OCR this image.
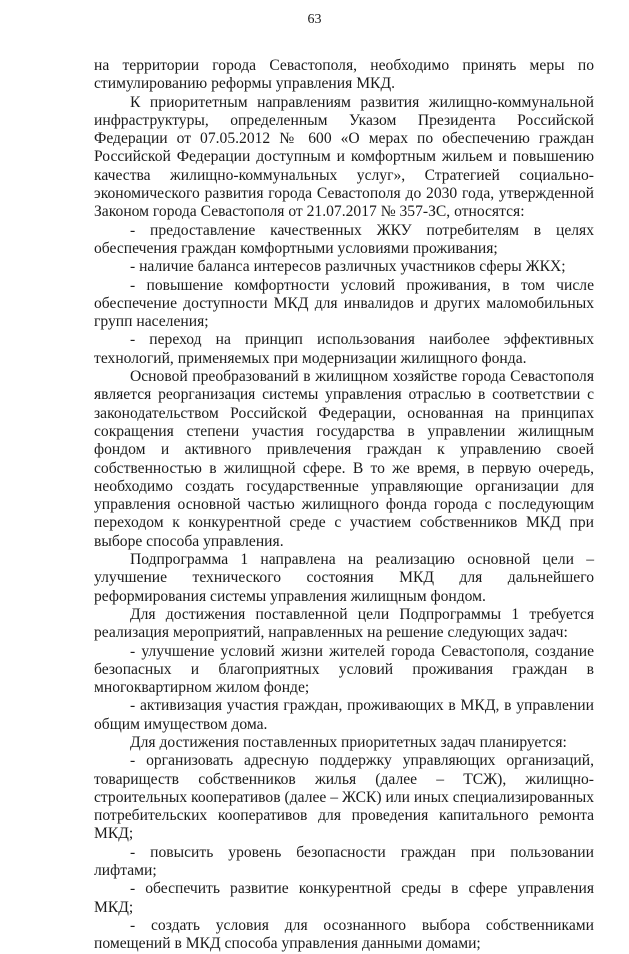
63

на территории города Севастополя, необходимо принять меры по стимулированию реформы управления МКД.

К приоритетным направлениям развития жилищно-коммунальной инфраструктуры, определенным Указом Президента Российской Федерации от 07.05.2012 № 600 «О мерах по обеспечению граждан Российской Федерации доступным и комфортным жильем и повышению качества жилищно-коммунальных услуг», Стратегией социально-экономического развития города Севастополя до 2030 года, утвержденной Законом города Севастополя от 21.07.2017 № 357-ЗС, относятся:

- предоставление качественных ЖКУ потребителям в целях обеспечения граждан комфортными условиями проживания;

- наличие баланса интересов различных участников сферы ЖКХ;

- повышение комфортности условий проживания, в том числе обеспечение доступности МКД для инвалидов и других маломобильных групп населения;

- переход на принцип использования наиболее эффективных технологий, применяемых при модернизации жилищного фонда.

Основой преобразований в жилищном хозяйстве города Севастополя является реорганизация системы управления отраслью в соответствии с законодательством Российской Федерации, основанная на принципах сокращения степени участия государства в управлении жилищным фондом и активного привлечения граждан к управлению своей собственностью в жилищной сфере. В то же время, в первую очередь, необходимо создать государственные управляющие организации для управления основной частью жилищного фонда города с последующим переходом к конкурентной среде с участием собственников МКД при выборе способа управления.

Подпрограмма 1 направлена на реализацию основной цели – улучшение технического состояния МКД для дальнейшего реформирования системы управления жилищным фондом.

Для достижения поставленной цели Подпрограммы 1 требуется реализация мероприятий, направленных на решение следующих задач:

- улучшение условий жизни жителей города Севастополя, создание безопасных и благоприятных условий проживания граждан в многоквартирном жилом фонде;

- активизация участия граждан, проживающих в МКД, в управлении общим имуществом дома.

Для достижения поставленных приоритетных задач планируется:

- организовать адресную поддержку управляющих организаций, товариществ собственников жилья (далее – ТСЖ), жилищно-строительных кооперативов (далее – ЖСК) или иных специализированных потребительских кооперативов для проведения капитального ремонта МКД;

- повысить уровень безопасности граждан при пользовании лифтами;

- обеспечить развитие конкурентной среды в сфере управления МКД;

- создать условия для осознанного выбора собственниками помещений в МКД способа управления данными домами;
